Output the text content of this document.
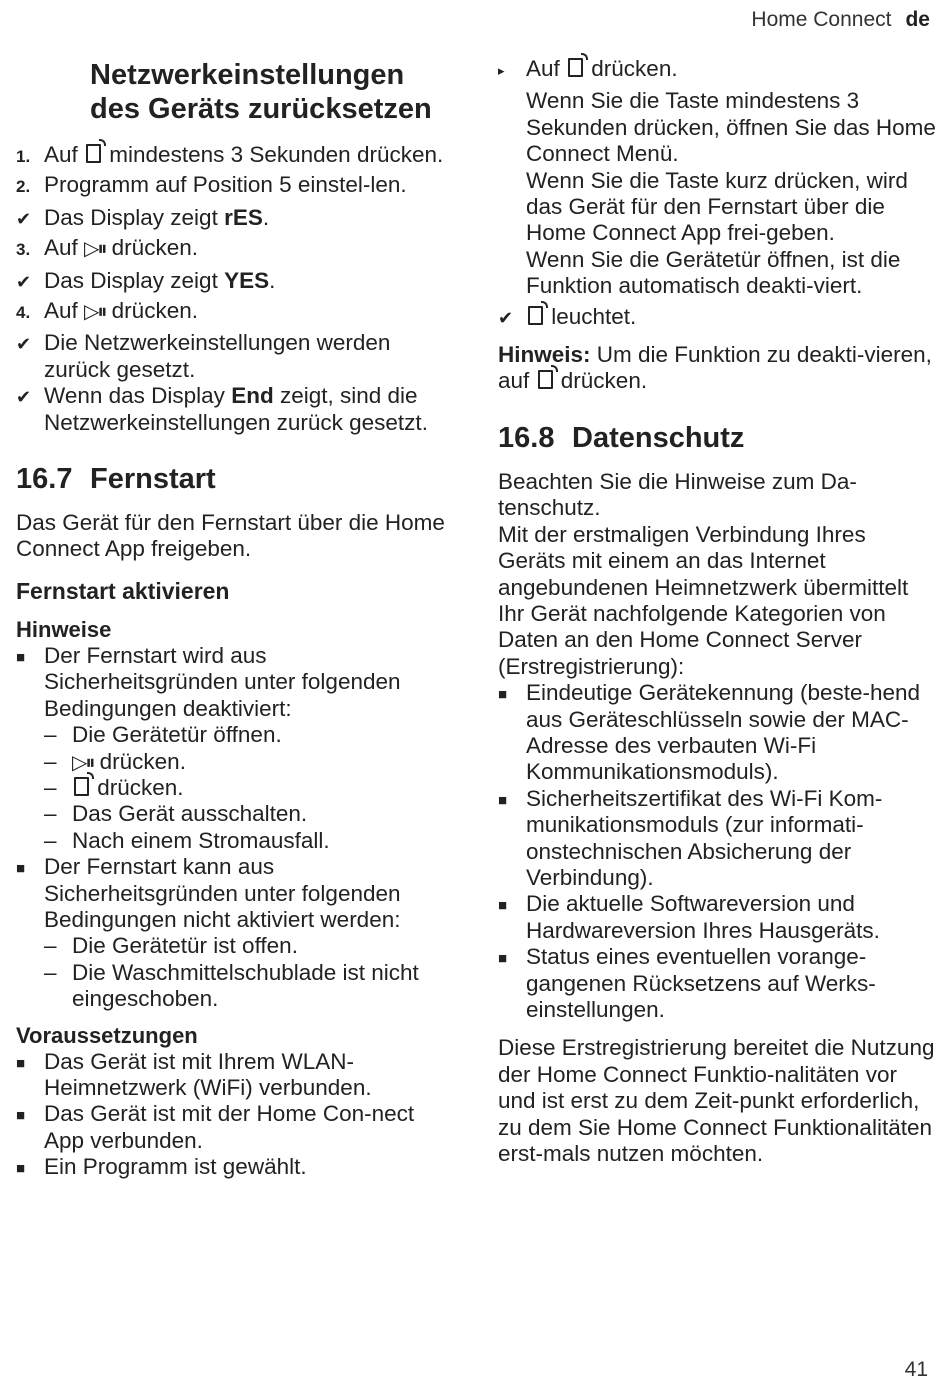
Home Connect de
Netzwerkeinstellungen des Geräts zurücksetzen
1. Auf  mindestens 3 Sekunden drücken.
2. Programm auf Position 5 einstel-len.
✔ Das Display zeigt rES.
3. Auf ▷⏸ drücken.
✔ Das Display zeigt YES.
4. Auf ▷⏸ drücken.
✔ Die Netzwerkeinstellungen werden zurück gesetzt.
✔ Wenn das Display End zeigt, sind die Netzwerkeinstellungen zurück gesetzt.
16.7 Fernstart

Das Gerät für den Fernstart über die Home Connect App freigeben.

Fernstart aktivieren
Hinweise
■ Der Fernstart wird aus Sicherheitsgründen unter folgenden Bedingungen deaktiviert:
– Die Gerätetür öffnen.
– ▷⏸ drücken.
– drücken.
– Das Gerät ausschalten.
– Nach einem Stromausfall.
■ Der Fernstart kann aus Sicherheitsgründen unter folgenden Bedingungen nicht aktiviert werden:
– Die Gerätetür ist offen.
– Die Waschmittelschublade ist nicht eingeschoben.
Voraussetzungen
■ Das Gerät ist mit Ihrem WLAN-Heimnetzwerk (WiFi) verbunden.
■ Das Gerät ist mit der Home Con-nect App verbunden.
■ Ein Programm ist gewählt.
▸ Auf  drücken.

Wenn Sie die Taste mindestens 3 Sekunden drücken, öffnen Sie das Home Connect Menü.

Wenn Sie die Taste kurz drücken, wird das Gerät für den Fernstart über die Home Connect App frei-geben.

Wenn Sie die Gerätetür öffnen, ist die Funktion automatisch deakti-viert.

✔	leuchtet.

Hinweis: Um die Funktion zu deakti-vieren, auf  drücken.

16.8 Datenschutz

Beachten Sie die Hinweise zum Da-tenschutz.

Mit der erstmaligen Verbindung Ihres Geräts mit einem an das Internet angebundenen Heimnetzwerk übermittelt Ihr Gerät nachfolgende Kategorien von Daten an den Home Connect Server (Erstregistrierung):

■ Eindeutige Gerätekennung (beste-hend aus Geräteschlüsseln sowie der MAC-Adresse des verbauten Wi-Fi Kommunikationsmoduls).
■ Sicherheitszertifikat des Wi-Fi Kom-munikationsmoduls (zur informati-onstechnischen Absicherung der Verbindung).
■ Die aktuelle Softwareversion und Hardwareversion Ihres Hausgeräts.
■ Status eines eventuellen vorange-gangenen Rücksetzens auf Werks-einstellungen.

Diese Erstregistrierung bereitet die Nutzung der Home Connect Funktio-nalitäten vor und ist erst zu dem Zeit-punkt erforderlich, zu dem Sie Home Connect Funktionalitäten erst-mals nutzen möchten.

41
